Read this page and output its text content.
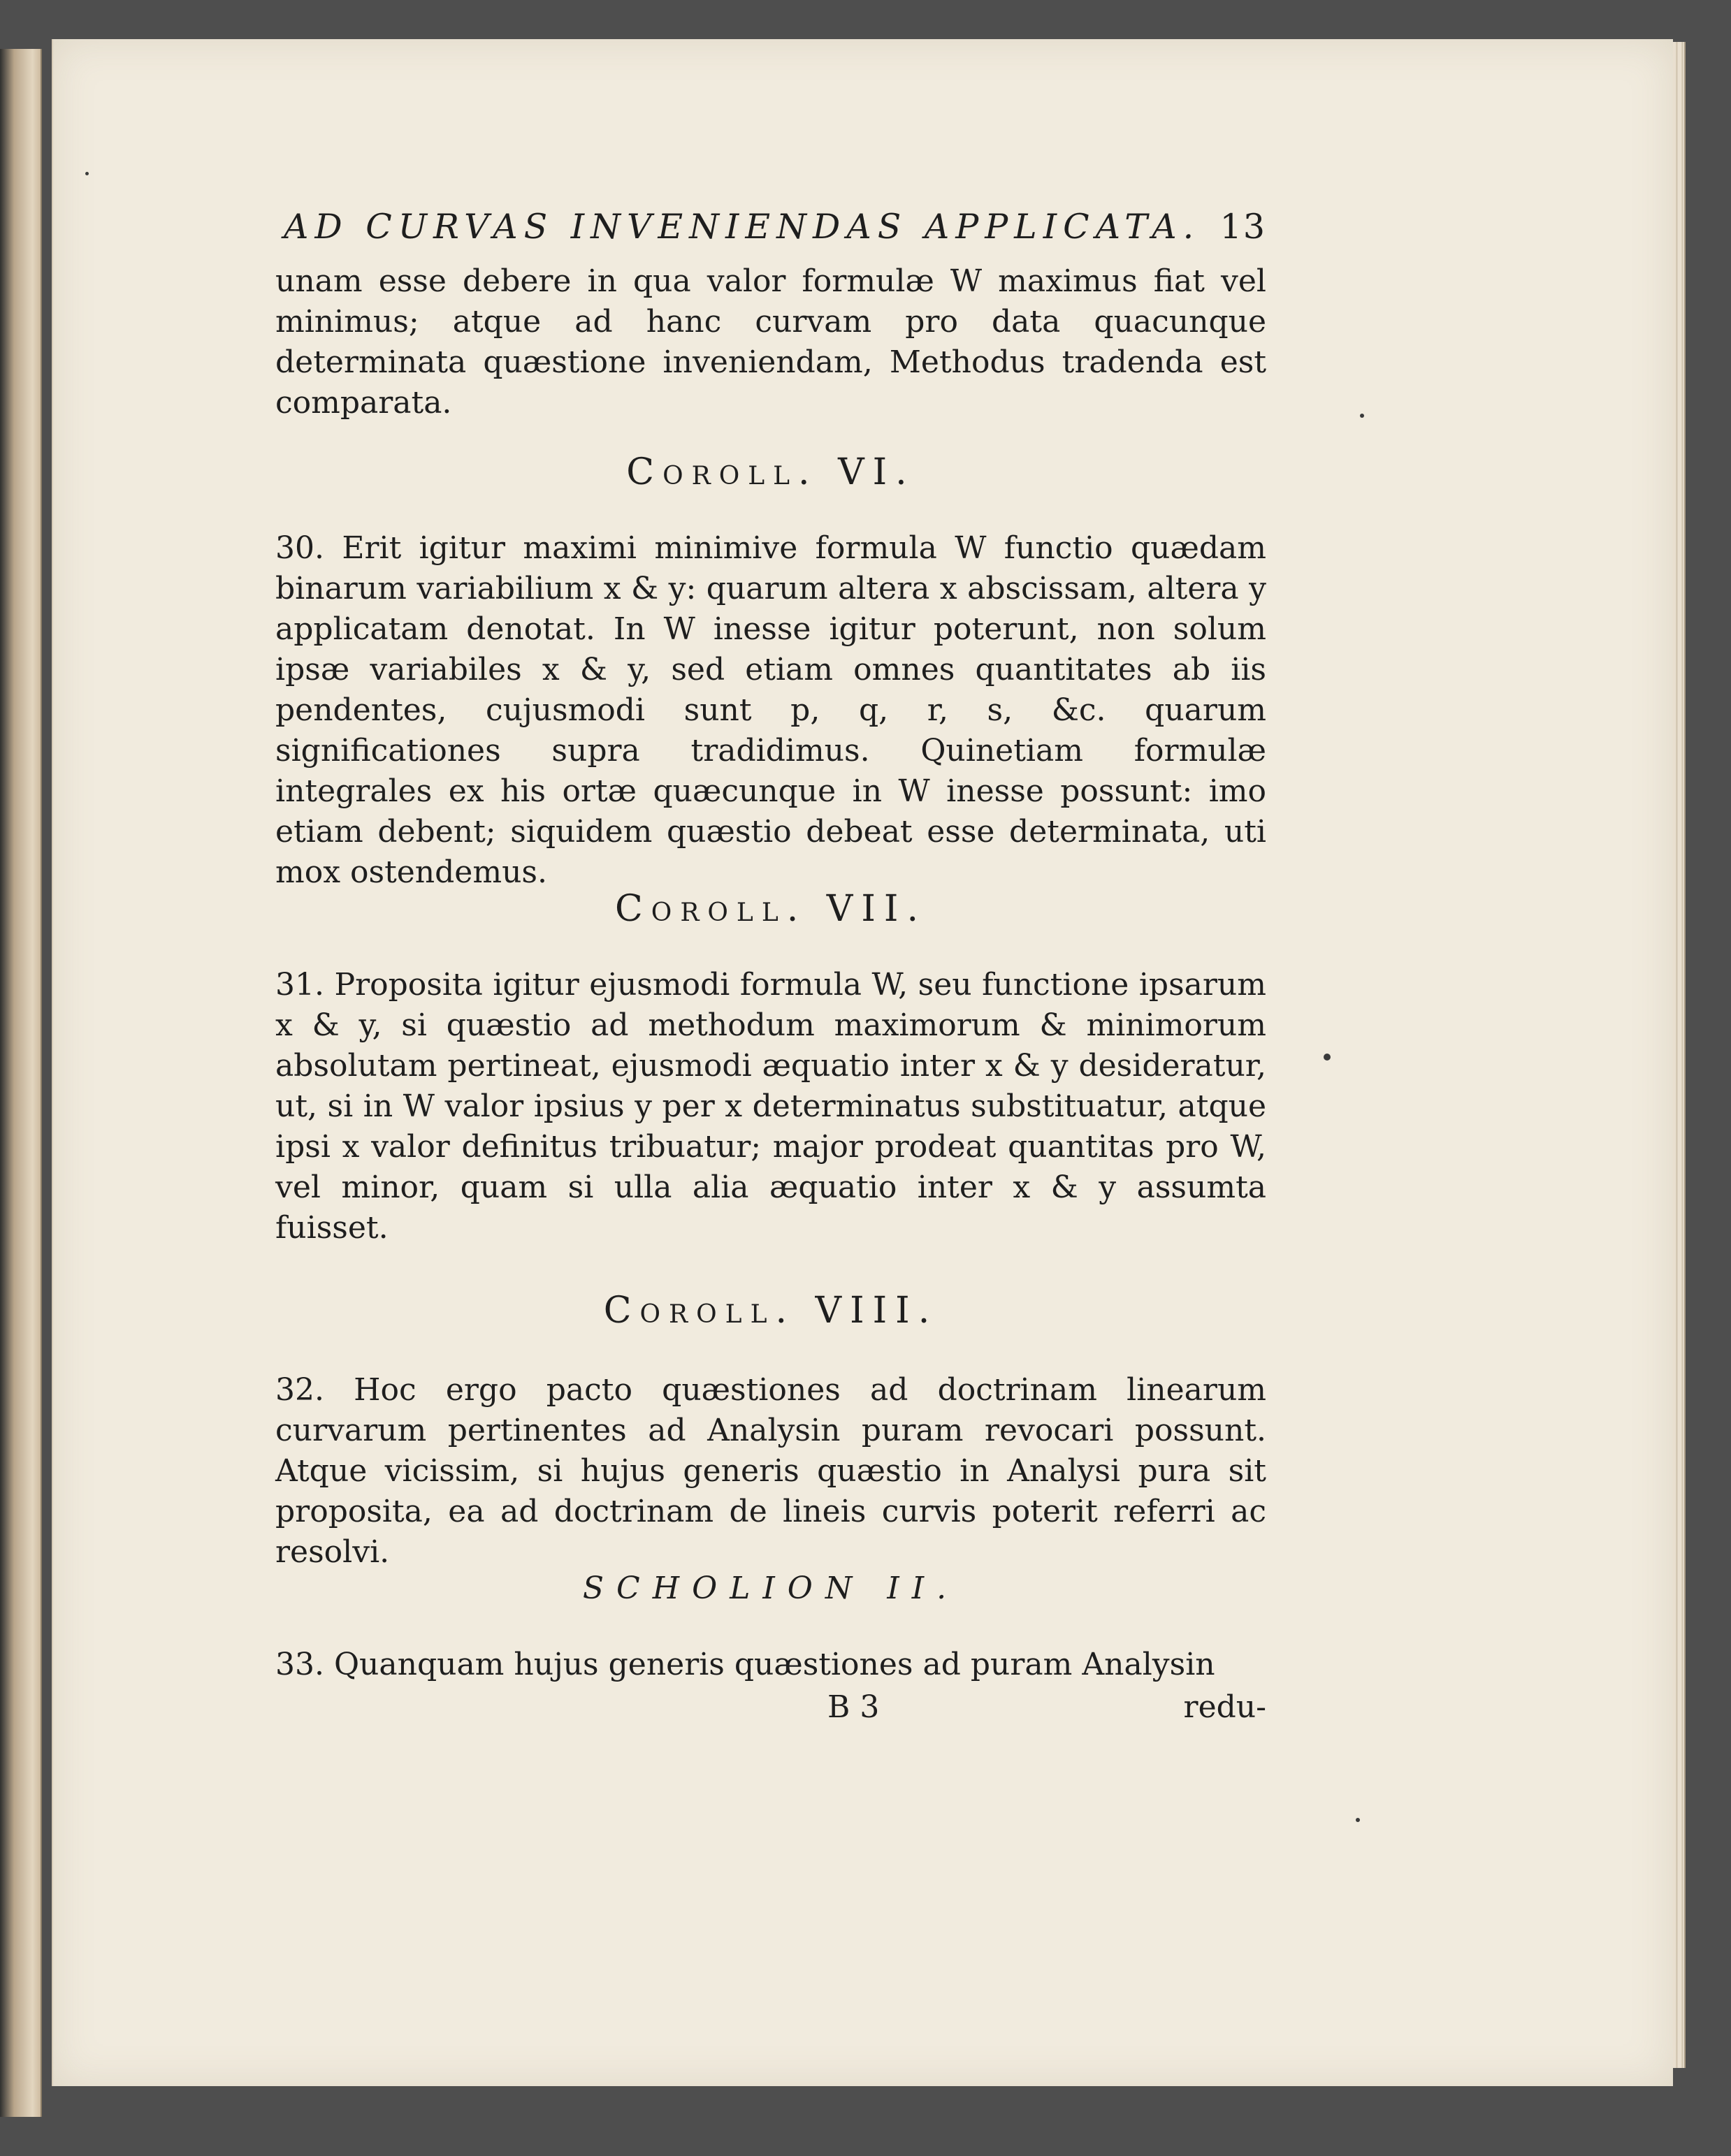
AD CURVAS INVENIENDAS APPLICATA. 13
unam esse debere in qua valor formulæ W maximus fiat vel minimus; atque ad hanc curvam pro data quacunque determinata quæstione inveniendam, Methodus tradenda est comparata.
Coroll. VI.
30. Erit igitur maximi minimive formula W functio quædam binarum variabilium x & y: quarum altera x abscissam, altera y applicatam denotat. In W inesse igitur poterunt, non solum ipsæ variabiles x & y, sed etiam omnes quantitates ab iis pendentes, cujusmodi sunt p, q, r, s, &c. quarum significationes supra tradidimus. Quinetiam formulæ integrales ex his ortæ quæcunque in W inesse possunt: imo etiam debent; siquidem quæstio debeat esse determinata, uti mox ostendemus.
Coroll. VII.
31. Proposita igitur ejusmodi formula W, seu functione ipsarum x & y, si quæstio ad methodum maximorum & minimorum absolutam pertineat, ejusmodi æquatio inter x & y desideratur, ut, si in W valor ipsius y per x determinatus substituatur, atque ipsi x valor definitus tribuatur; major prodeat quantitas pro W, vel minor, quam si ulla alia æquatio inter x & y assumta fuisset.
Coroll. VIII.
32. Hoc ergo pacto quæstiones ad doctrinam linearum curvarum pertinentes ad Analysin puram revocari possunt. Atque vicissim, si hujus generis quæstio in Analysi pura sit proposita, ea ad doctrinam de lineis curvis poterit referri ac resolvi.
SCHOLION II.
33. Quanquam hujus generis quæstiones ad puram Analysin
B 3	redu-
